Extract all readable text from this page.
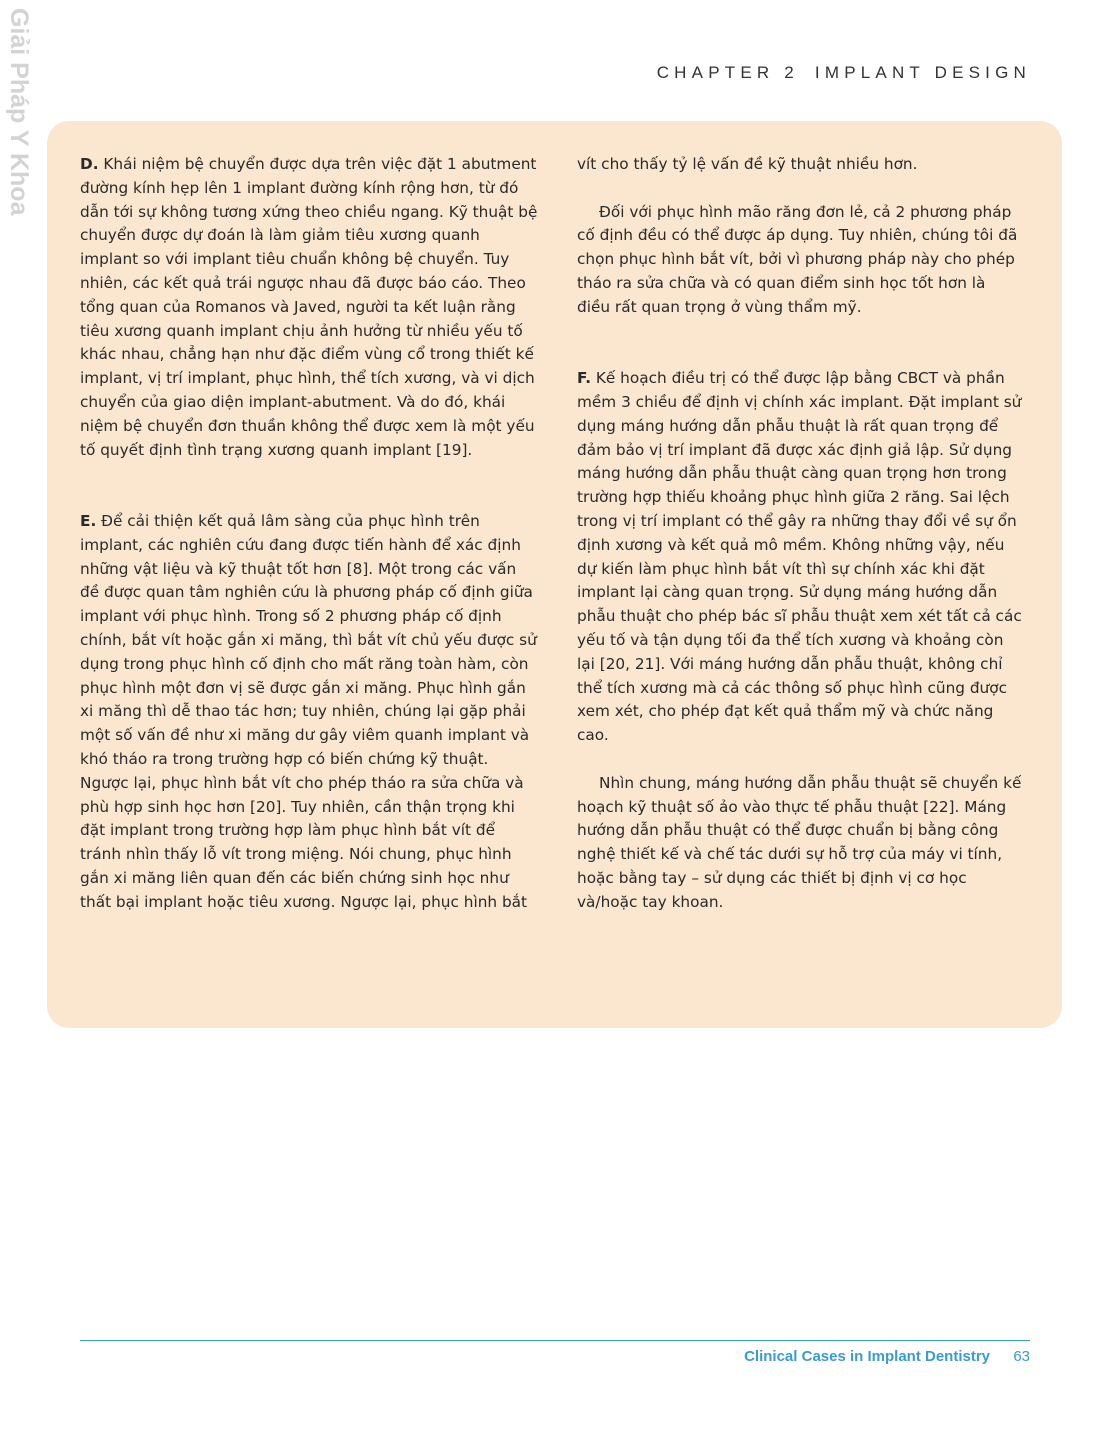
Giải Pháp Y Khoa	CHAPTER 2 IMPLANT DESIGN

D. Khái niệm bệ chuyển được dựa trên việc đặt 1 abutment đường kính hẹp lên 1 implant đường kính rộng hơn, từ đó dẫn tới sự không tương xứng theo chiều ngang. Kỹ thuật bệ chuyển được dự đoán là làm giảm tiêu xương quanh implant so với implant tiêu chuẩn không bệ chuyển. Tuy nhiên, các kết quả trái ngược nhau đã được báo cáo. Theo tổng quan của Romanos và Javed, người ta kết luận rằng tiêu xương quanh implant chịu ảnh hưởng từ nhiều yếu tố khác nhau, chẳng hạn như đặc điểm vùng cổ trong thiết kế implant, vị trí implant, phục hình, thể tích xương, và vi dịch chuyển của giao diện implant-abutment. Và do đó, khái niệm bệ chuyển đơn thuần không thể được xem là một yếu tố quyết định tình trạng xương quanh implant [19].

E. Để cải thiện kết quả lâm sàng của phục hình trên implant, các nghiên cứu đang được tiến hành để xác định những vật liệu và kỹ thuật tốt hơn [8]. Một trong các vấn đề được quan tâm nghiên cứu là phương pháp cố định giữa implant với phục hình. Trong số 2 phương pháp cố định chính, bắt vít hoặc gắn xi măng, thì bắt vít chủ yếu được sử dụng trong phục hình cố định cho mất răng toàn hàm, còn phục hình một đơn vị sẽ được gắn xi măng. Phục hình gắn xi măng thì dễ thao tác hơn; tuy nhiên, chúng lại gặp phải một số vấn đề như xi măng dư gây viêm quanh implant và khó tháo ra trong trường hợp có biến chứng kỹ thuật. Ngược lại, phục hình bắt vít cho phép tháo ra sửa chữa và phù hợp sinh học hơn [20]. Tuy nhiên, cần thận trọng khi đặt implant trong trường hợp làm phục hình bắt vít để tránh nhìn thấy lỗ vít trong miệng. Nói chung, phục hình gắn xi măng liên quan đến các biến chứng sinh học như thất bại implant hoặc tiêu xương. Ngược lại, phục hình bắt

vít cho thấy tỷ lệ vấn đề kỹ thuật nhiều hơn.

Đối với phục hình mão răng đơn lẻ, cả 2 phương pháp cố định đều có thể được áp dụng. Tuy nhiên, chúng tôi đã chọn phục hình bắt vít, bởi vì phương pháp này cho phép tháo ra sửa chữa và có quan điểm sinh học tốt hơn là điều rất quan trọng ở vùng thẩm mỹ.

F. Kế hoạch điều trị có thể được lập bằng CBCT và phần mềm 3 chiều để định vị chính xác implant. Đặt implant sử dụng máng hướng dẫn phẫu thuật là rất quan trọng để đảm bảo vị trí implant đã được xác định giả lập. Sử dụng máng hướng dẫn phẫu thuật càng quan trọng hơn trong trường hợp thiếu khoảng phục hình giữa 2 răng. Sai lệch trong vị trí implant có thể gây ra những thay đổi về sự ổn định xương và kết quả mô mềm. Không những vậy, nếu dự kiến làm phục hình bắt vít thì sự chính xác khi đặt implant lại càng quan trọng. Sử dụng máng hướng dẫn phẫu thuật cho phép bác sĩ phẫu thuật xem xét tất cả các yếu tố và tận dụng tối đa thể tích xương và khoảng còn lại [20, 21]. Với máng hướng dẫn phẫu thuật, không chỉ thể tích xương mà cả các thông số phục hình cũng được xem xét, cho phép đạt kết quả thẩm mỹ và chức năng cao.

Nhìn chung, máng hướng dẫn phẫu thuật sẽ chuyển kế hoạch kỹ thuật số ảo vào thực tế phẫu thuật [22]. Máng hướng dẫn phẫu thuật có thể được chuẩn bị bằng công nghệ thiết kế và chế tác dưới sự hỗ trợ của máy vi tính, hoặc bằng tay – sử dụng các thiết bị định vị cơ học và/hoặc tay khoan.

Clinical Cases in Implant Dentistry 63
